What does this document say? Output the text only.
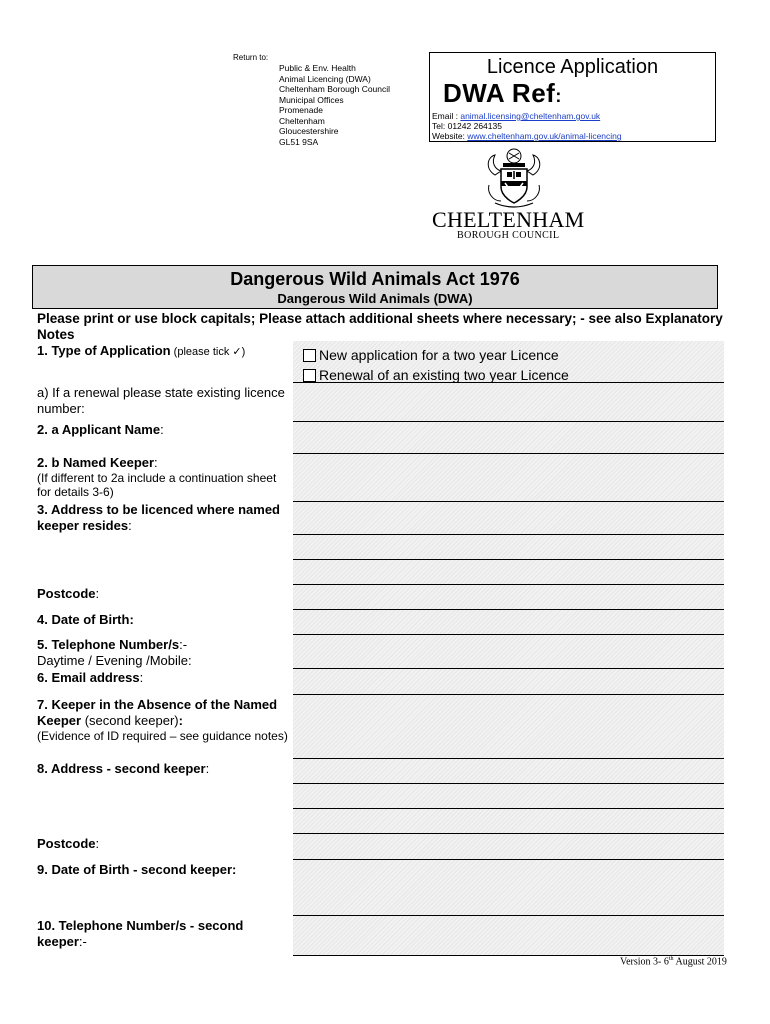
Return to:
Public & Env. Health
Animal Licencing (DWA)
Cheltenham Borough Council
Municipal Offices
Promenade
Cheltenham
Gloucestershire
GL51 9SA
Licence Application
DWA Ref:
Email : animal.licensing@cheltenham.gov.uk
Tel: 01242 264135
Website: www.cheltenham.gov.uk/animal-licencing
CHELTENHAM
BOROUGH COUNCIL
Dangerous Wild Animals Act 1976
Dangerous Wild Animals (DWA)
Please print or use block capitals; Please attach additional sheets where necessary; - see also Explanatory Notes
1. Type of Application (please tick ✓)	New application for a two year Licence
Renewal of an existing two year Licence
a) If a renewal please state existing licence number:
2. a Applicant Name:
2. b Named Keeper:
(If different to 2a include a continuation sheet for details 3-6)
3. Address to be licenced where named keeper resides:
Postcode:
4. Date of Birth:
5. Telephone Number/s:-
Daytime / Evening /Mobile:
6. Email address:
7. Keeper in the Absence of the Named Keeper (second keeper):
(Evidence of ID required – see guidance notes)
8. Address - second keeper:
Postcode:
9. Date of Birth - second keeper:
10. Telephone Number/s - second keeper:-
Version 3- 6th August 2019
